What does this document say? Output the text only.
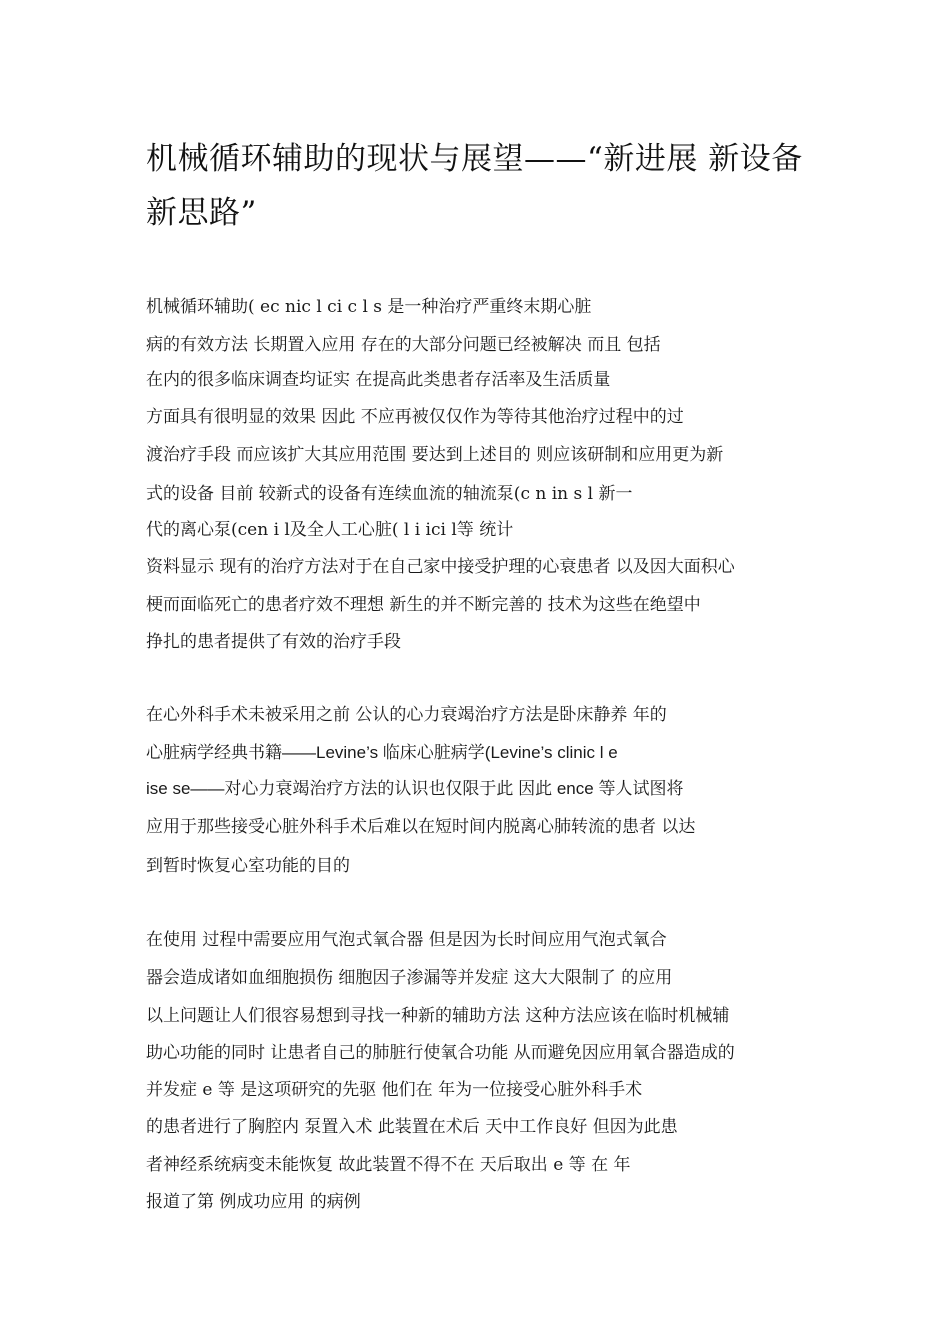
机械循环辅助的现状与展望——“新进展 新设备 新思路”

机械循环辅助( ec nic l ci c l s 是一种治疗严重终末期心脏

病的有效方法 长期置入应用 存在的大部分问题已经被解决 而且 包括

在内的很多临床调查均证实 在提高此类患者存活率及生活质量

方面具有很明显的效果 因此 不应再被仅仅作为等待其他治疗过程中的过

渡治疗手段 而应该扩大其应用范围 要达到上述目的 则应该研制和应用更为新

式的设备 目前 较新式的设备有连续血流的轴流泵(c n in s l 新一

代的离心泵(cen i l及全人工心脏( l i ici l等 统计

资料显示 现有的治疗方法对于在自己家中接受护理的心衰患者 以及因大面积心

梗而面临死亡的患者疗效不理想 新生的并不断完善的 技术为这些在绝望中

挣扎的患者提供了有效的治疗手段

在心外科手术未被采用之前 公认的心力衰竭治疗方法是卧床静养 年的

心脏病学经典书籍——Levine’s 临床心脏病学(Levine’s clinic l e

ise se——对心力衰竭治疗方法的认识也仅限于此 因此 ence 等人试图将

应用于那些接受心脏外科手术后难以在短时间内脱离心肺转流的患者 以达

到暂时恢复心室功能的目的

在使用 过程中需要应用气泡式氧合器 但是因为长时间应用气泡式氧合

器会造成诸如血细胞损伤 细胞因子渗漏等并发症 这大大限制了 的应用

以上问题让人们很容易想到寻找一种新的辅助方法 这种方法应该在临时机械辅

助心功能的同时 让患者自己的肺脏行使氧合功能 从而避免因应用氧合器造成的

并发症 e 等 是这项研究的先驱 他们在 年为一位接受心脏外科手术

的患者进行了胸腔内 泵置入术 此装置在术后 天中工作良好 但因为此患

者神经系统病变未能恢复 故此装置不得不在 天后取出 e 等 在 年

报道了第 例成功应用 的病例
